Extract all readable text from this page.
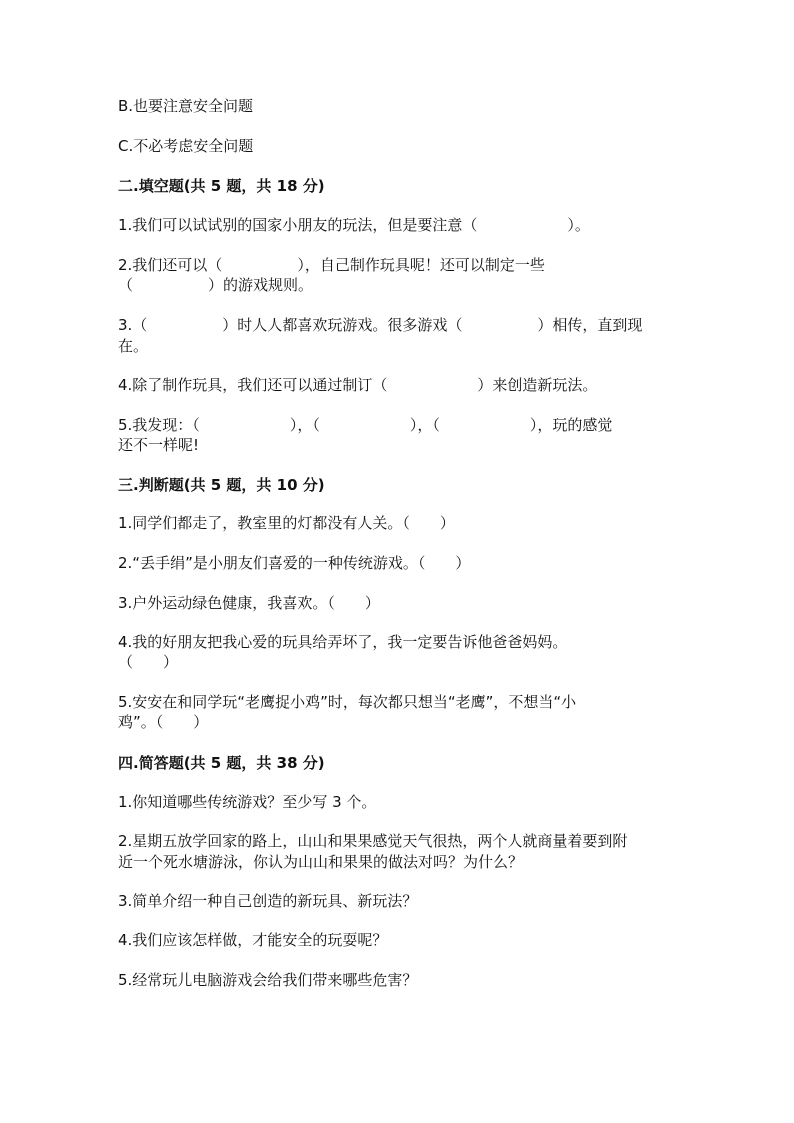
B.也要注意安全问题
C.不必考虑安全问题
二.填空题(共 5 题，共 18 分)
1.我们可以试试别的国家小朋友的玩法，但是要注意（　　　　　　）。
2.我们还可以（　　　　　），自己制作玩具呢！还可以制定一些
（　　　　　）的游戏规则。
3.（　　　　　）时人人都喜欢玩游戏。很多游戏（　　　　　）相传，直到现
在。
4.除了制作玩具，我们还可以通过制订（　　　　　　）来创造新玩法。
5.我发现：（　　　　　　），（　　　　　　），（　　　　　　），玩的感觉
还不一样呢!
三.判断题(共 5 题，共 10 分)
1.同学们都走了，教室里的灯都没有人关。（　　）
2.“丢手绢”是小朋友们喜爱的一种传统游戏。（　　）
3.户外运动绿色健康，我喜欢。（　　）
4.我的好朋友把我心爱的玩具给弄坏了，我一定要告诉他爸爸妈妈。
（　　）
5.安安在和同学玩“老鹰捉小鸡”时，每次都只想当“老鹰”，不想当“小
鸡”。（　　）
四.简答题(共 5 题，共 38 分)
1.你知道哪些传统游戏？至少写 3 个。
2.星期五放学回家的路上，山山和果果感觉天气很热，两个人就商量着要到附
近一个死水塘游泳，你认为山山和果果的做法对吗？为什么？
3.简单介绍一种自己创造的新玩具、新玩法？
4.我们应该怎样做，才能安全的玩耍呢？
5.经常玩儿电脑游戏会给我们带来哪些危害？
